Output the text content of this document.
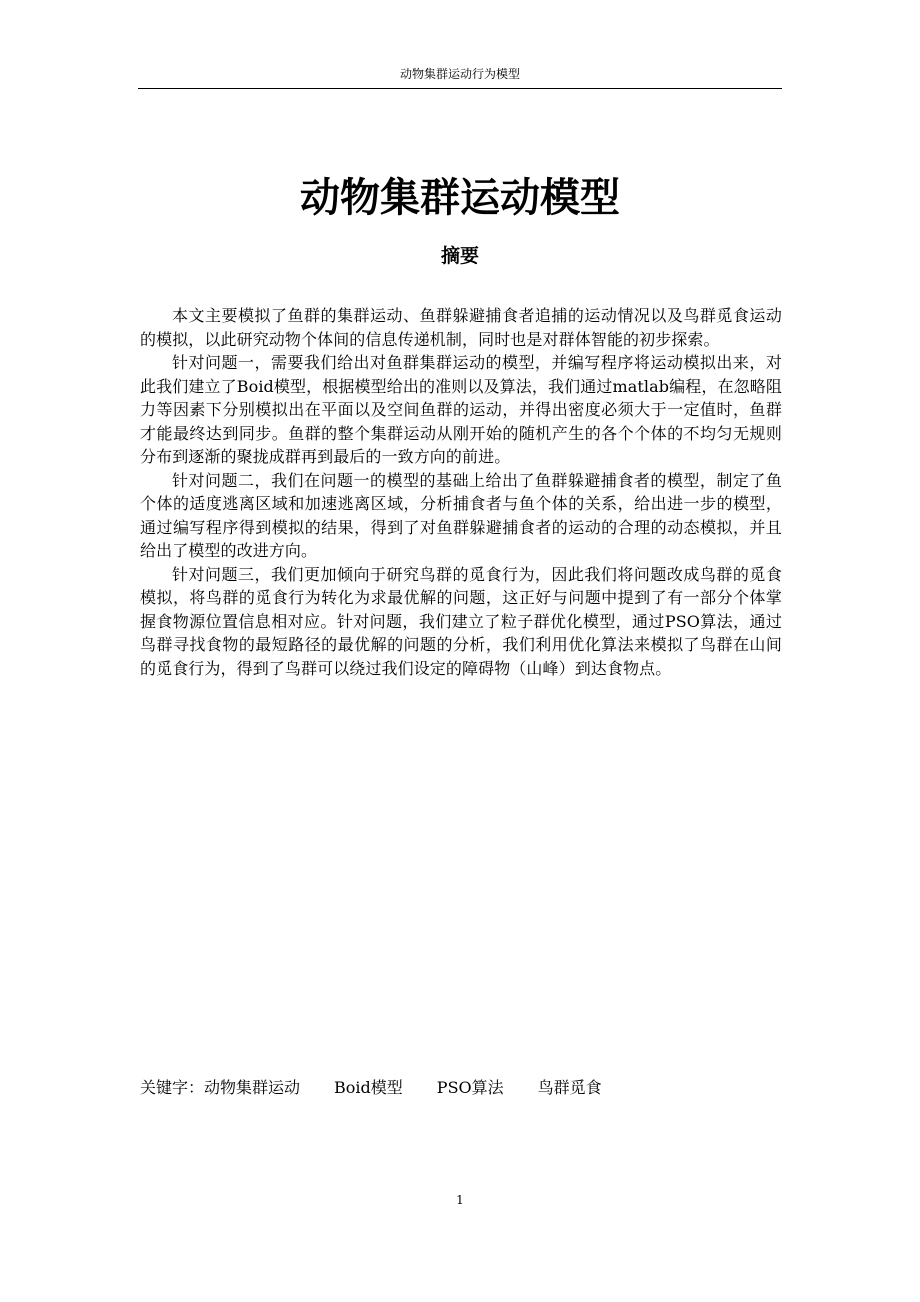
动物集群运动行为模型
动物集群运动模型
摘要

本文主要模拟了鱼群的集群运动、鱼群躲避捕食者追捕的运动情况以及鸟群觅食运动的模拟，以此研究动物个体间的信息传递机制，同时也是对群体智能的初步探索。

针对问题一，需要我们给出对鱼群集群运动的模型，并编写程序将运动模拟出来，对此我们建立了Boid模型，根据模型给出的准则以及算法，我们通过matlab编程，在忽略阻力等因素下分别模拟出在平面以及空间鱼群的运动，并得出密度必须大于一定值时，鱼群才能最终达到同步。鱼群的整个集群运动从刚开始的随机产生的各个个体的不均匀无规则分布到逐渐的聚拢成群再到最后的一致方向的前进。

针对问题二，我们在问题一的模型的基础上给出了鱼群躲避捕食者的模型，制定了鱼个体的适度逃离区域和加速逃离区域，分析捕食者与鱼个体的关系，给出进一步的模型，通过编写程序得到模拟的结果，得到了对鱼群躲避捕食者的运动的合理的动态模拟，并且给出了模型的改进方向。

针对问题三，我们更加倾向于研究鸟群的觅食行为，因此我们将问题改成鸟群的觅食模拟，将鸟群的觅食行为转化为求最优解的问题，这正好与问题中提到了有一部分个体掌握食物源位置信息相对应。针对问题，我们建立了粒子群优化模型，通过PSO算法，通过鸟群寻找食物的最短路径的最优解的问题的分析，我们利用优化算法来模拟了鸟群在山间的觅食行为，得到了鸟群可以绕过我们设定的障碍物（山峰）到达食物点。

关键字：动物集群运动 Boid模型 PSO算法 鸟群觅食
1
